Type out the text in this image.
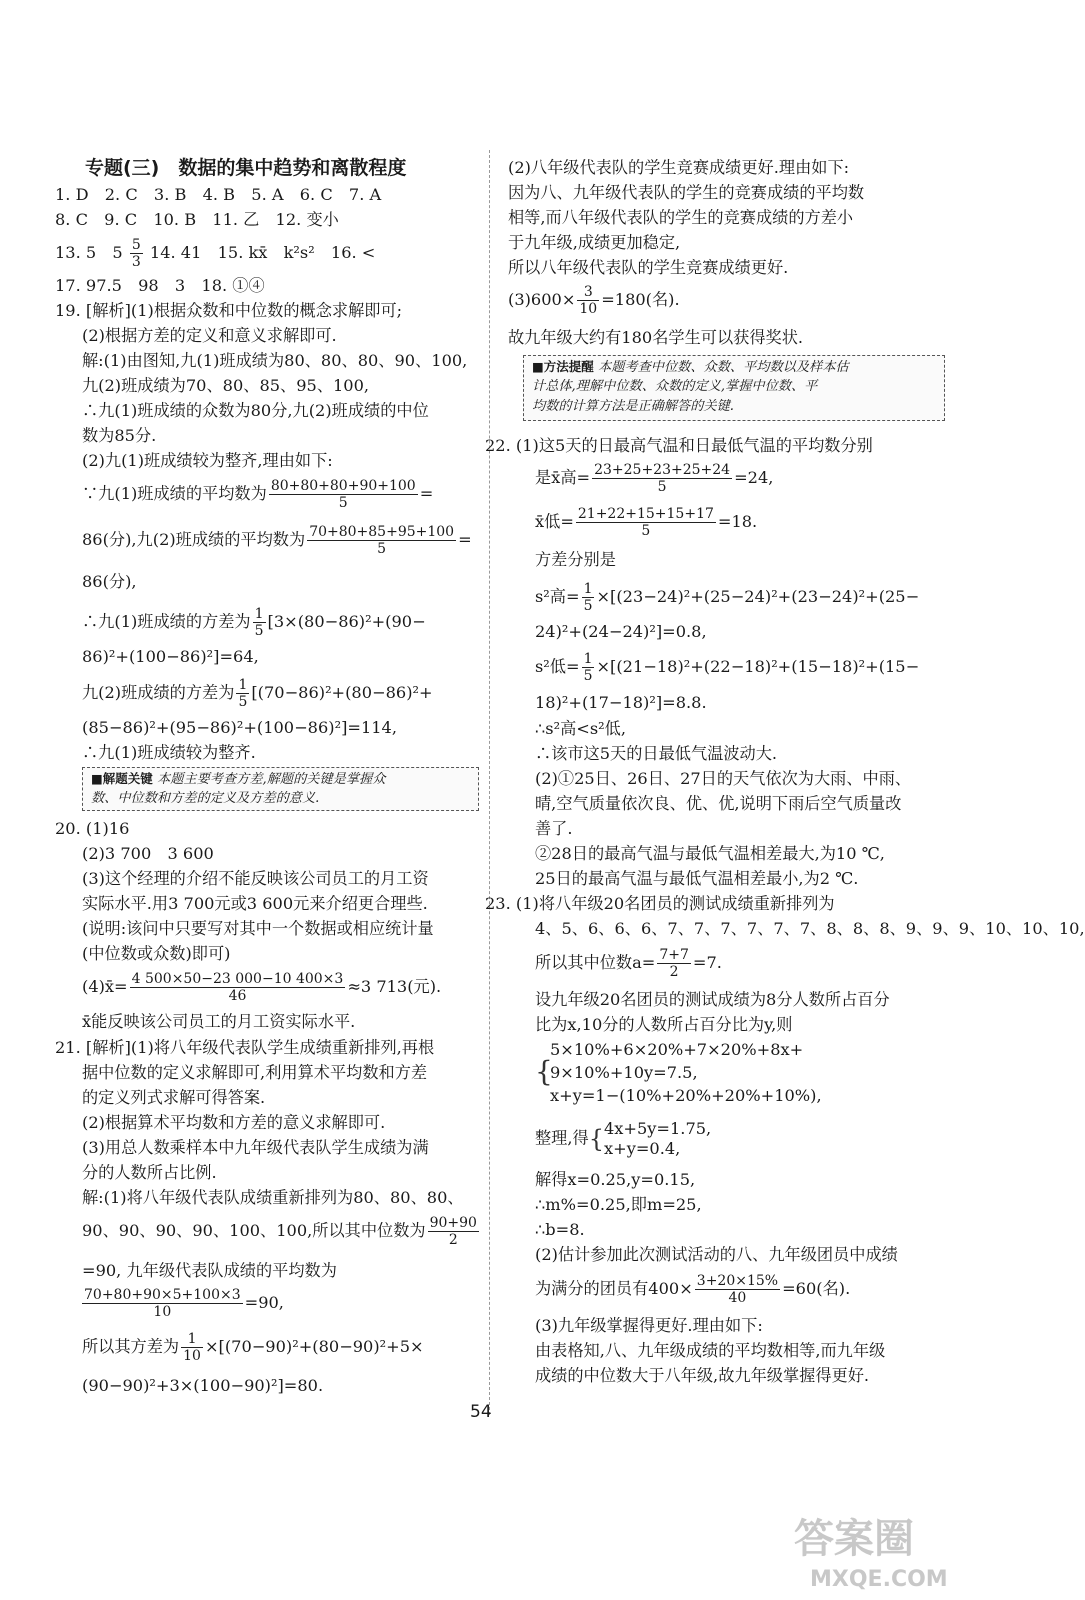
专题(三)　数据的集中趋势和离散程度
1. D　2. C　3. B　4. B　5. A　6. C　7. A
8. C　9. C　10. B　11. 乙　12. 变小
13. 5　$5 \frac{5}{3} 14$. 41　15. kx̄　k²s²　16. <
17. 97.5　98　3　18. ①④
19. [解析](1)根据众数和中位数的概念求解即可;
(2)根据方差的定义和意义求解即可.
解:(1)由图知,九(1)班成绩为80、80、80、90、100,
九(2)班成绩为70、80、85、95、100,
∴九(1)班成绩的众数为80分,九(2)班成绩的中位
数为85分.
(2)九(1)班成绩较为整齐,理由如下:
∵九(1)班成绩的平均数为 $\frac{80+80+80+90+100}{5}$ =
86(分),九(2)班成绩的平均数为 $\frac{70+80+85+95+100}{5}$ =
86(分),
∴九(1)班成绩的方差为 $\frac{1}{5} [3\times(80-86)^2+(90-$
86)²+(100−86)²]=64,
九(2)班成绩的方差为 $\frac{1}{5} [(70-86)^2+(80-86)^2+$
(85−86)²+(95−86)²+(100−86)²]=114,
∴九(1)班成绩较为整齐.
■解题关键 本题主要考查方差,解题的关键是掌握众
数、中位数和方差的定义及方差的意义.
20. (1)16
(2)3 700　3 600
(3)这个经理的介绍不能反映该公司员工的月工资
实际水平.用3 700元或3 600元来介绍更合理些.
(说明:该问中只要写对其中一个数据或相应统计量
(中位数或众数)即可)
(4)x̄= $\frac{4 500\times 50-23 000-10 400\times 3}{46} \approx 3$ 713(元).
x̄能反映该公司员工的月工资实际水平.
21. [解析](1)将八年级代表队学生成绩重新排列,再根
据中位数的定义求解即可,利用算术平均数和方差
的定义列式求解可得答案.
(2)根据算术平均数和方差的意义求解即可.
(3)用总人数乘样本中九年级代表队学生成绩为满
分的人数所占比例.
解:(1)将八年级代表队成绩重新排列为80、80、80、
90、90、90、90、100、100,所以其中位数为 $\frac{90+90}{2}$
=90, 九年级代表队成绩的平均数为
$\frac{70+80+90\times 5+100\times 3}{10} =90$,
所以其方差为 $\frac{1}{10} \times[(70-90)^2+(80-90)^2+5\times$
(90−90)²+3×(100−90)²]=80.
(2)八年级代表队的学生竞赛成绩更好.理由如下:
因为八、九年级代表队的学生的竞赛成绩的平均数
相等,而八年级代表队的学生的竞赛成绩的方差小
于九年级,成绩更加稳定,
所以八年级代表队的学生竞赛成绩更好.
$(3)600\times \frac{3}{10} =180$(名).
故九年级大约有180名学生可以获得奖状.
■方法提醒 本题考查中位数、众数、平均数以及样本估
计总体,理解中位数、众数的定义,掌握中位数、平
均数的计算方法是正确解答的关键.
22. (1)这5天的日最高气温和日最低气温的平均数分别
是x̄高= $\frac{23+25+23+25+24}{5} =24$,
x̄低= $\frac{21+22+15+15+17}{5} =18$.
方差分别是
s²高= $\frac{1}{5} \times[(23-24)^2+(25-24)^2+(23-24)^2+(25-$
24)²+(24−24)²]=0.8,
s²低= $\frac{1}{5} \times[(21-18)^2+(22-18)^2+(15-18)^2+(15-$
18)²+(17−18)²]=8.8.
∴s²高<s²低,
∴该市这5天的日最低气温波动大.
(2)①25日、26日、27日的天气依次为大雨、中雨、
晴,空气质量依次良、优、优,说明下雨后空气质量改
善了.
②28日的最高气温与最低气温相差最大,为10 ℃,
25日的最高气温与最低气温相差最小,为2 ℃.
23. (1)将八年级20名团员的测试成绩重新排列为
4、5、6、6、6、7、7、7、7、7、7、8、8、8、9、9、9、10、10、10,
所以其中位数$a= \frac{7+7}{2} =7$.
设九年级20名团员的测试成绩为8分人数所占百分
比为x,10分的人数所占百分比为y,则
{
5×10%+6×20%+7×20%+8x+
9×10%+10y=7.5,
x+y=1−(10%+20%+20%+10%),
整理,得{ 4x+5y=1.75,
x+y=0.4,
解得x=0.25,y=0.15,
∴m%=0.25,即m=25,
∴b=8.
(2)估计参加此次测试活动的八、九年级团员中成绩
为满分的团员有$400\times \frac{3+20\times 15\%}{40} =60$(名).
(3)九年级掌握得更好.理由如下:
由表格知,八、九年级成绩的平均数相等,而九年级
成绩的中位数大于八年级,故九年级掌握得更好.
54
答案圈
MXQE.COM
